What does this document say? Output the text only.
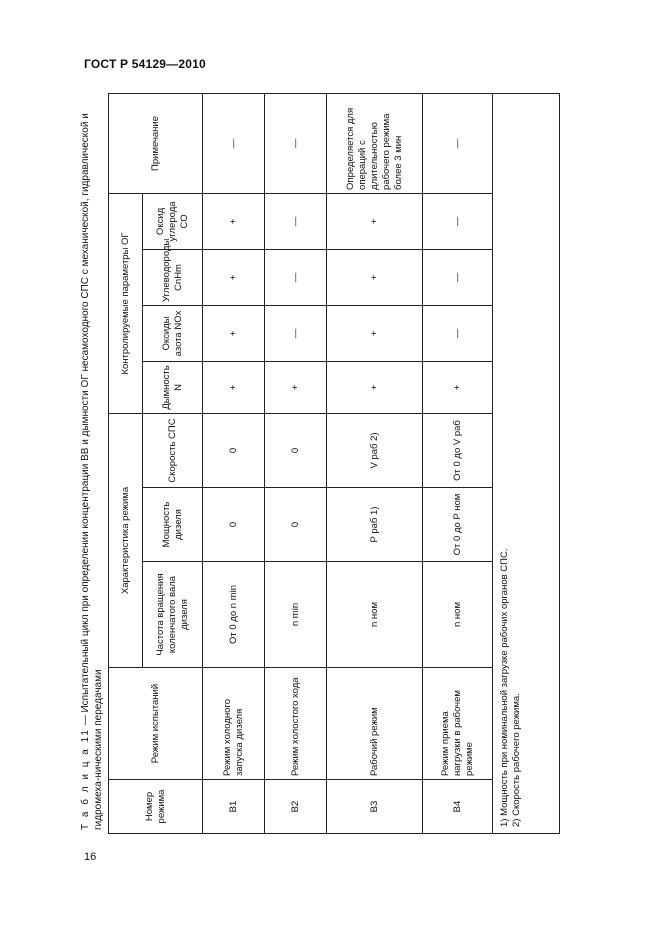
ГОСТ Р 54129—2010
Т а б л и ц а 11 — Испытательный цикл при определении концентрации ВВ и дымности ОГ несамоходного СПС с механической, гидравлической и гидромеха-ническими передачами	Номер режима	Режим испытаний	Характеристика режима			Контролируемые параметры ОГ				Примечание
		Частота вращения коленчатого вала дизеля	Мощность дизеля	Скорость СПС	Дымность N	Оксиды азота NOx	Углеводороды CnHm	Оксид углерода CO	
В1	Режим холодного запуска дизеля	От 0 до n min	0	0	+	+	+	+	—
В2	Режим холостого хода	n min	0	0	+	—	—	—	—
В3	Рабочий режим	n ном	P раб 1)	V раб 2)	+	+	+	+	Определяется для операций с длительностью рабочего режима более 3 мин
В4	Режим приема нагрузки в рабочем режиме	n ном	От 0 до P ном	От 0 до V раб	+	—	—	—	—

1) Мощность при номинальной загрузке рабочих органов СПС. 2) Скорость рабочего режима.									
16
